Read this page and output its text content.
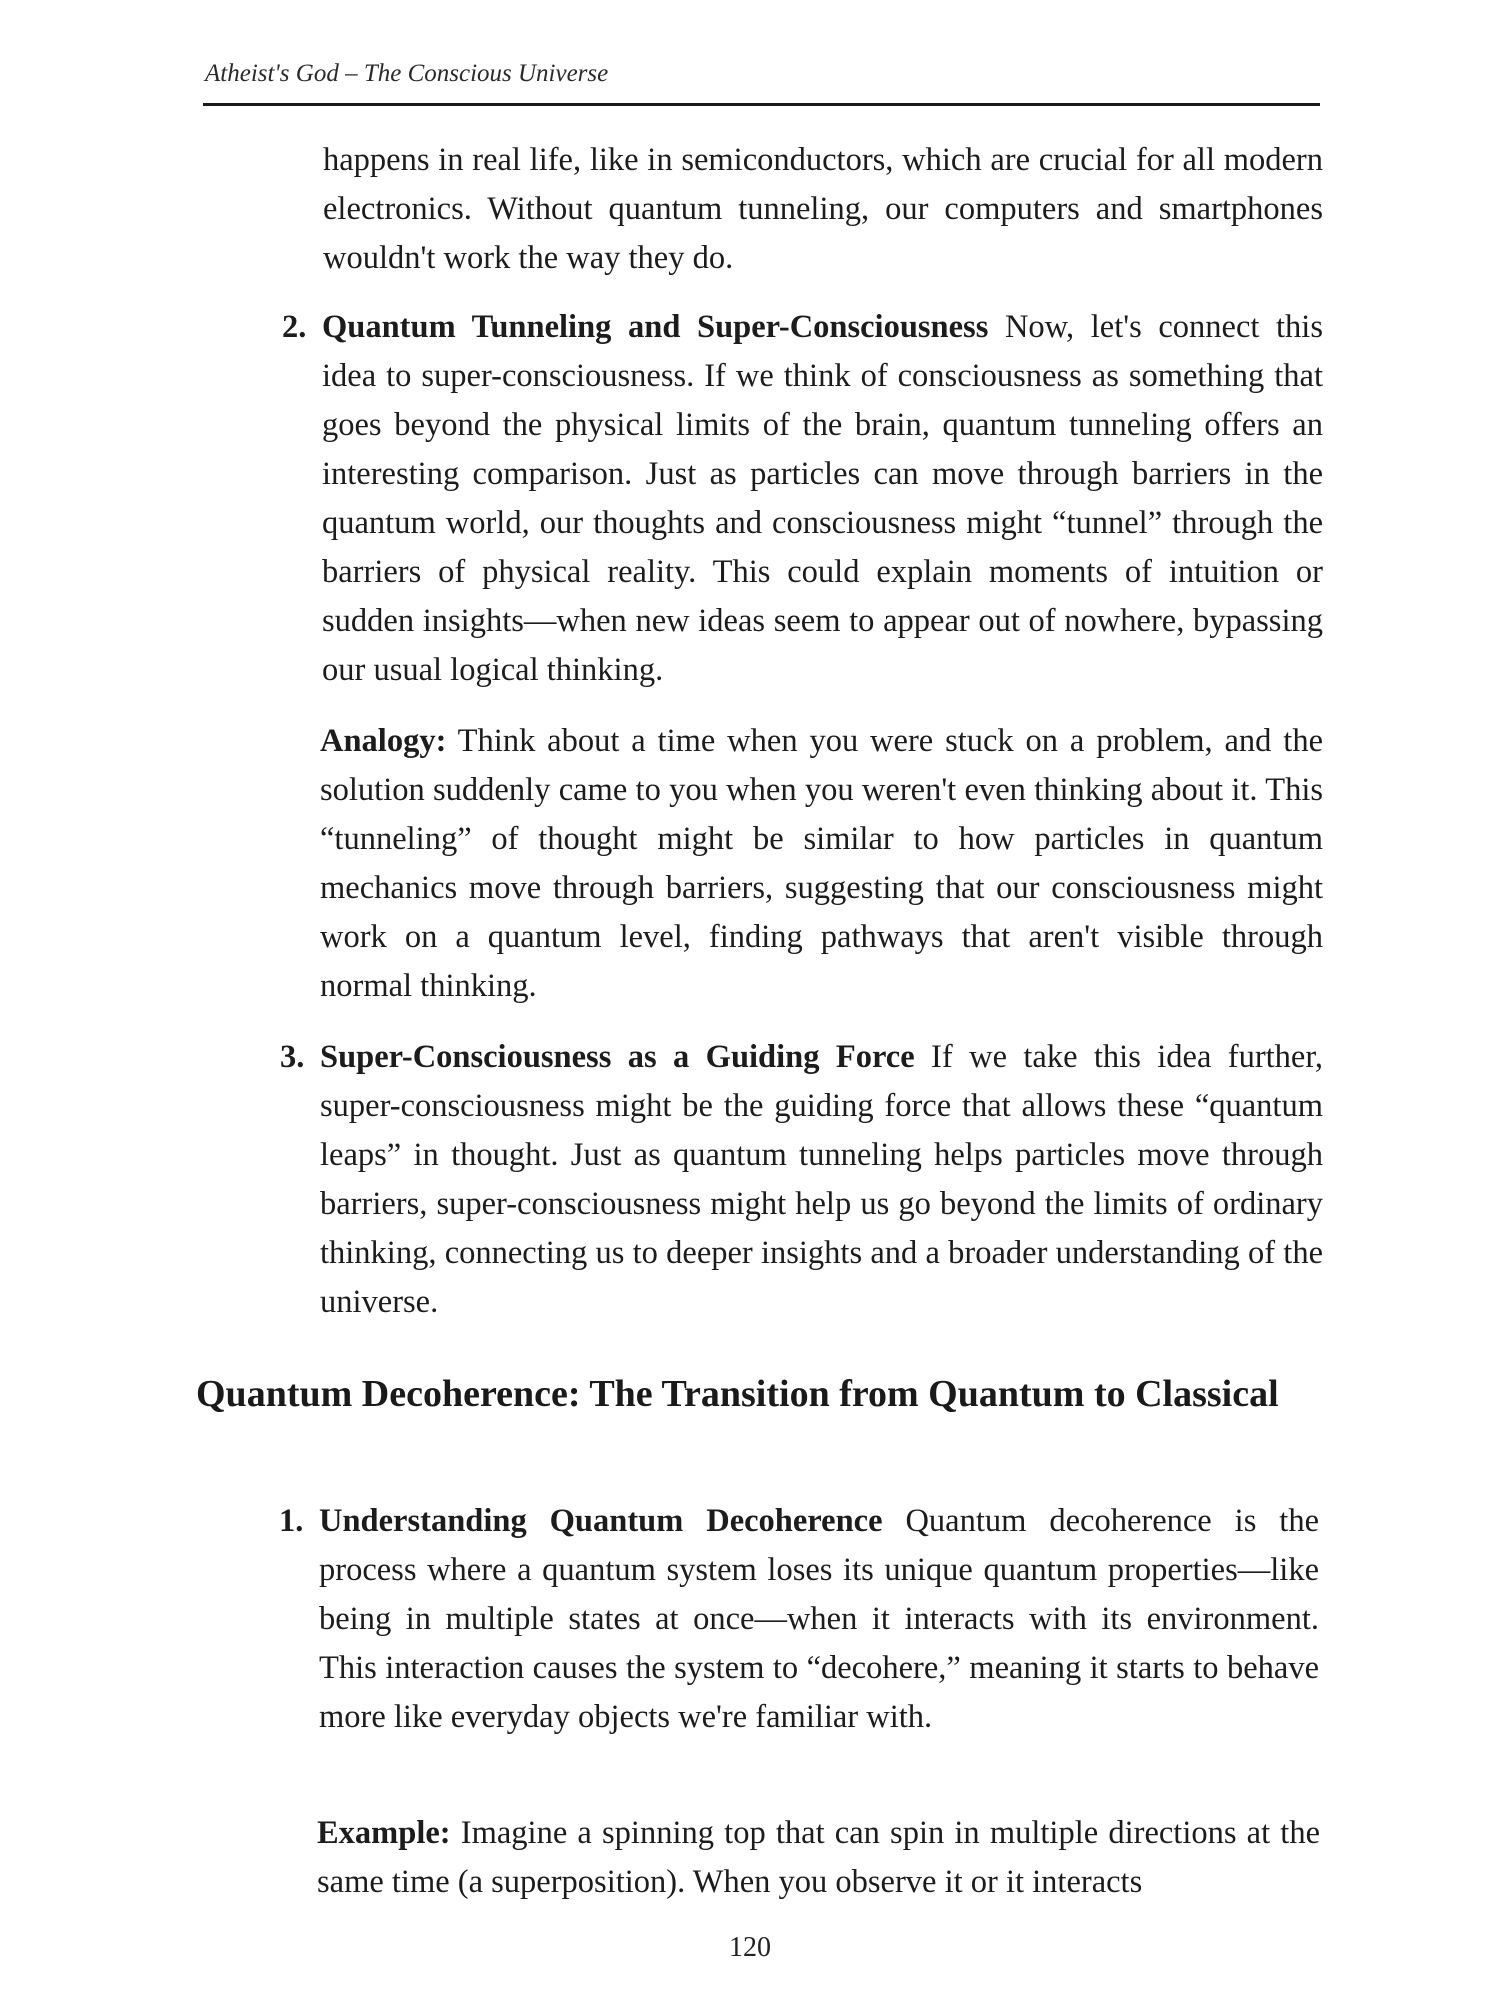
Atheist's God – The Conscious Universe

happens in real life, like in semiconductors, which are crucial for all modern electronics. Without quantum tunneling, our computers and smartphones wouldn't work the way they do.

2. Quantum Tunneling and Super-Consciousness Now, let's connect this idea to super-consciousness. If we think of consciousness as something that goes beyond the physical limits of the brain, quantum tunneling offers an interesting comparison. Just as particles can move through barriers in the quantum world, our thoughts and consciousness might “tunnel” through the barriers of physical reality. This could explain moments of intuition or sudden insights—when new ideas seem to appear out of nowhere, bypassing our usual logical thinking.

Analogy: Think about a time when you were stuck on a problem, and the solution suddenly came to you when you weren't even thinking about it. This “tunneling” of thought might be similar to how particles in quantum mechanics move through barriers, suggesting that our consciousness might work on a quantum level, finding pathways that aren't visible through normal thinking.

3. Super-Consciousness as a Guiding Force If we take this idea further, super-consciousness might be the guiding force that allows these “quantum leaps” in thought. Just as quantum tunneling helps particles move through barriers, super-consciousness might help us go beyond the limits of ordinary thinking, connecting us to deeper insights and a broader understanding of the universe.

Quantum Decoherence: The Transition from Quantum to Classical
1. Understanding Quantum Decoherence Quantum decoherence is the process where a quantum system loses its unique quantum properties—like being in multiple states at once—when it interacts with its environment. This interaction causes the system to “decohere,” meaning it starts to behave more like everyday objects we're familiar with.

Example: Imagine a spinning top that can spin in multiple directions at the same time (a superposition). When you observe it or it interacts

120
